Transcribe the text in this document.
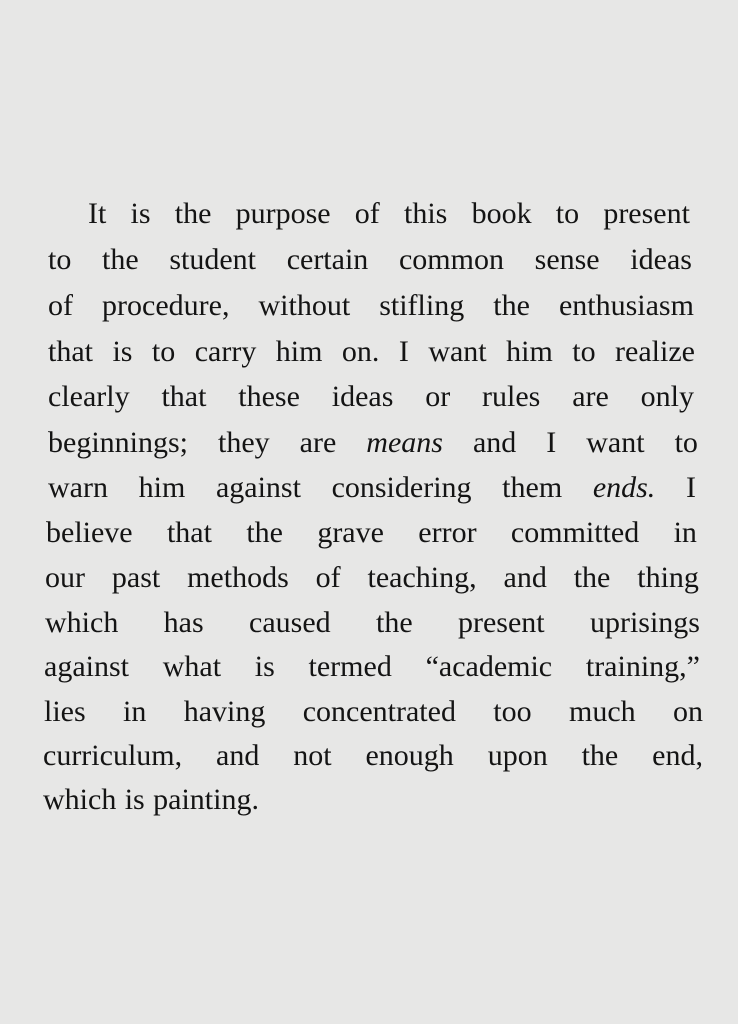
It is the purpose of this book to present
to the student certain common sense ideas
of procedure, without stifling the enthusiasm
that is to carry him on. I want him to realize
clearly that these ideas or rules are only
beginnings; they are means and I want to
warn him against considering them ends. I
believe that the grave error committed in
our past methods of teaching, and the thing
which has caused the present uprisings
against what is termed “academic training,”
lies in having concentrated too much on
curriculum, and not enough upon the end,
which is painting.
